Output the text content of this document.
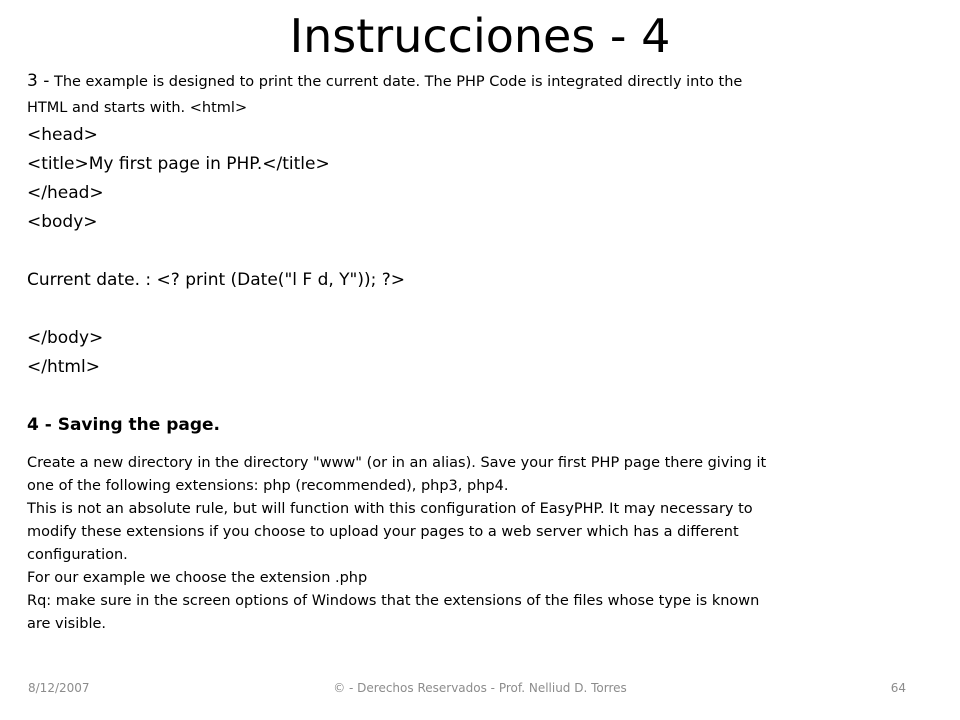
Instrucciones - 4
3 - The example is designed to print the current date. The PHP Code is integrated directly into the
HTML and starts with. <html>
<head>
<title>My first page in PHP.</title>
</head>
<body>
Current date. : <? print (Date("l F d, Y")); ?>
</body>
</html>
4 - Saving the page.
Create a new directory in the directory "www" (or in an alias). Save your first PHP page there giving it
one of the following extensions: php (recommended), php3, php4.
This is not an absolute rule, but will function with this configuration of EasyPHP. It may necessary to
modify these extensions if you choose to upload your pages to a web server which has a different
configuration.
For our example we choose the extension .php
Rq: make sure in the screen options of Windows that the extensions of the files whose type is known
are visible.
© - Derechos Reservados - Prof. Nelliud D. Torres
8/12/2007	64
